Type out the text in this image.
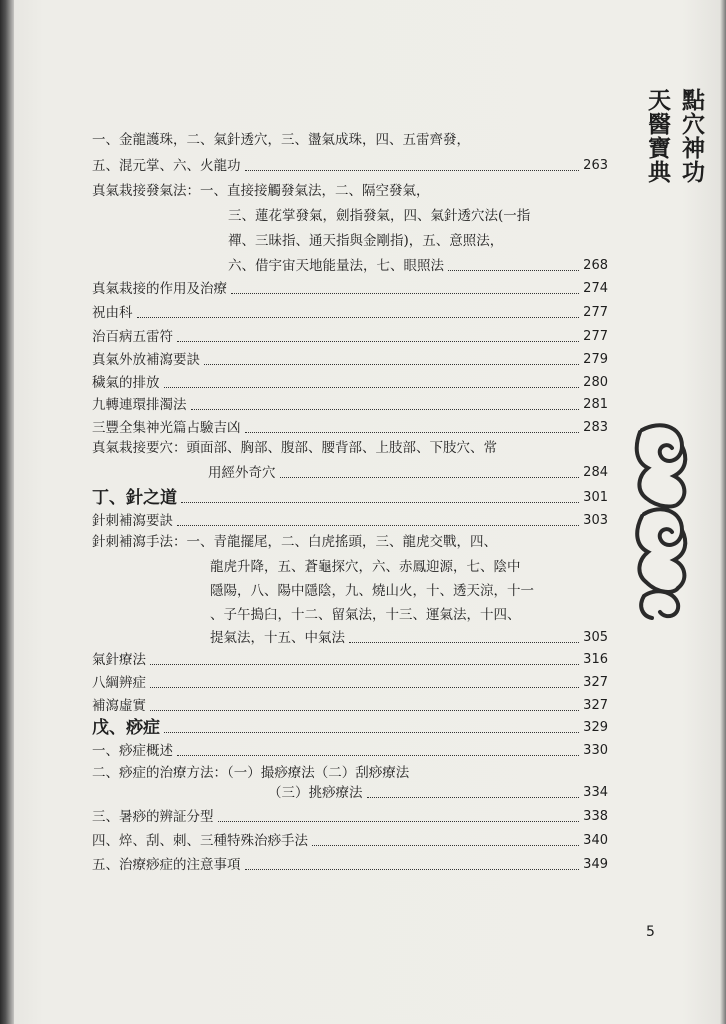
點穴神功
天醫寶典
一、金龍護珠，二、氣針透穴，三、盪氣成珠，四、五雷齊發，
五、混元掌、六、火龍功	263
真氣栽接發氣法：一、直接接觸發氣法，二、隔空發氣，
三、蓮花掌發氣，劍指發氣，四、氣針透穴法(一指
禪、三昧指、通天指與金剛指)，五、意照法，
六、借宇宙天地能量法，七、眼照法	268
真氣栽接的作用及治療	274
祝由科	277
治百病五雷符	277
真氣外放補瀉要訣	279
穢氣的排放	280
九轉連環排濁法	281
三豐全集神光篇占驗吉凶	283
真氣栽接要穴：頭面部、胸部、腹部、腰背部、上肢部、下肢穴、常
用經外奇穴	284
丁、針之道	301
針刺補瀉要訣	303
針刺補瀉手法：一、青龍擺尾，二、白虎搖頭，三、龍虎交戰，四、
龍虎升降，五、蒼龜探穴，六、赤鳳迎源，七、陰中
隱陽，八、陽中隱陰，九、燒山火，十、透天涼，十一
、子午搗臼，十二、留氣法，十三、運氣法，十四、
提氣法，十五、中氣法	305
氣針療法	316
八綱辨症	327
補瀉虛實	327
戊、痧症	329
一、痧症概述	330
二、痧症的治療方法：（一）撮痧療法（二）刮痧療法
（三）挑痧療法	334
三、暑痧的辨証分型	338
四、焠、刮、刺、三種特殊治痧手法	340
五、治療痧症的注意事項	349
5
